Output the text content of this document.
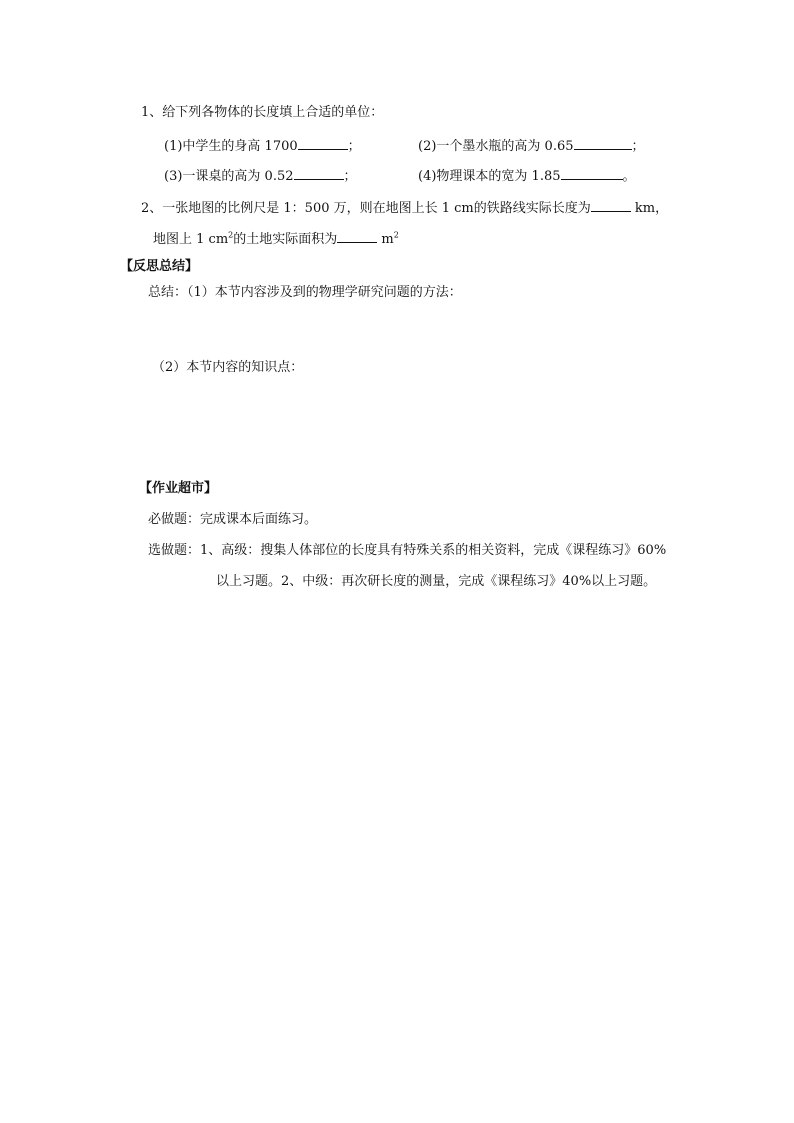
1、给下列各物体的长度填上合适的单位：
(1)中学生的身高 1700	；	(2)一个墨水瓶的高为 0.65	；
(3)一课桌的高为 0.52	；	(4)物理课本的宽为 1.85	。
2、一张地图的比例尺是 1：500 万，则在地图上长 1 cm的铁路线实际长度为	km，
地图上 1 $cm^2$的土地实际面积为	$m^2$
【反思总结】
总结：（1）本节内容涉及到的物理学研究问题的方法：
（2）本节内容的知识点：
【作业超市】
必做题：完成课本后面练习。
选做题：1、高级：搜集人体部位的长度具有特殊关系的相关资料，完成《课程练习》60%
以上习题。2、中级：再次研长度的测量，完成《课程练习》40%以上习题。
